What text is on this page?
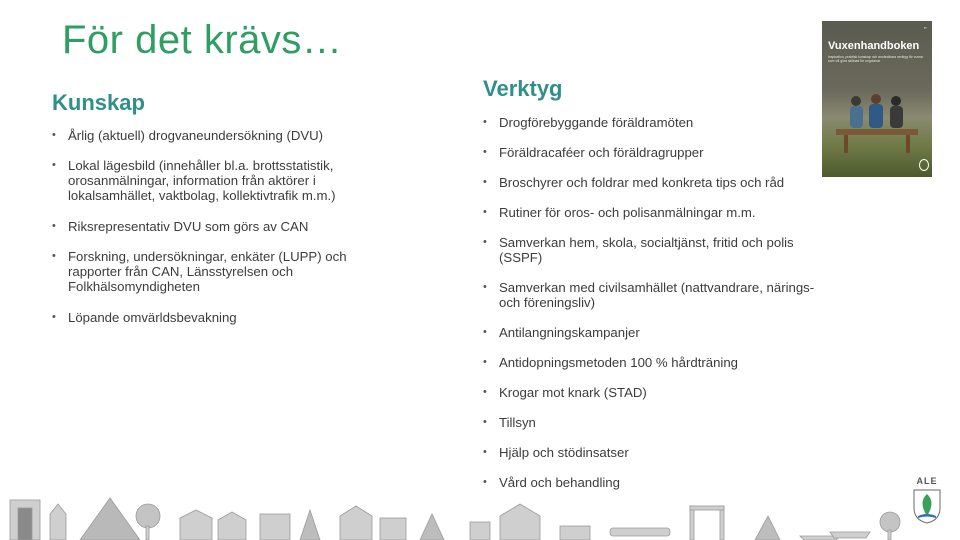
För det krävs…
Kunskap
• Årlig (aktuell) drogvaneundersökning (DVU)
• Lokal lägesbild (innehåller bl.a. brottsstatistik, orosanmälningar, information från aktörer i lokalsamhället, vaktbolag, kollektivtrafik m.m.)
• Riksrepresentativ DVU som görs av CAN
• Forskning, undersökningar, enkäter (LUPP) och rapporter från CAN, Länsstyrelsen och Folkhälsomyndigheten
• Löpande omvärldsbevakning
Verktyg
• Drogförebyggande föräldramöten
• Föräldracaféer och föräldragrupper
• Broschyrer och foldrar med konkreta tips och råd
• Rutiner för oros- och polisanmälningar m.m.
• Samverkan hem, skola, socialtjänst, fritid och polis (SSPF)
• Samverkan med civilsamhället (nattvandrare, närings- och föreningsliv)
• Antilangningskampanjer
• Antidopningsmetoden 100 % hårdträning
• Krogar mot knark (STAD)
• Tillsyn
• Hjälp och stödinsatser
• Vård och behandling
▪▪
Vuxenhandboken
Inspiration, praktisk kunskap och användbara verktyg för vuxna som vill göra skillnad för ungdomar
ALE
